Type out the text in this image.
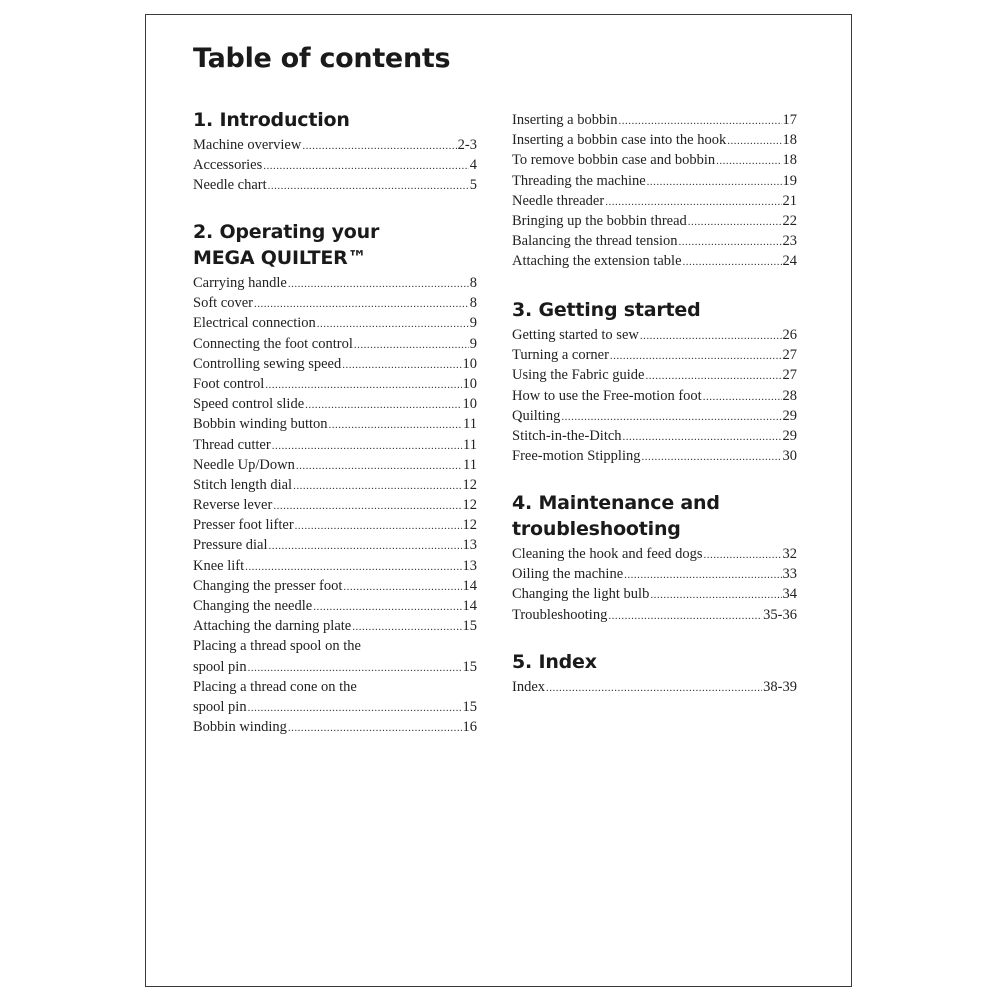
Table of contents
1. Introduction
Machine overview .....	2-3
Accessories .....	4
Needle chart .....	5
2. Operating your
MEGA QUILTER™
Carrying handle .....	8
Soft cover .....	8
Electrical connection .....	9
Connecting the foot control .....	9
Controlling sewing speed .....	10
Foot control .....	10
Speed control slide .....	10
Bobbin winding button .....	11
Thread cutter .....	11
Needle Up/Down .....	11
Stitch length dial .....	12
Reverse lever .....	12
Presser foot lifter .....	12
Pressure dial .....	13
Knee lift .....	13
Changing the presser foot .....	14
Changing the needle .....	14
Attaching the darning plate .....	15
Placing a thread spool on the
spool pin .....	15
Placing a thread cone on the
spool pin .....	15
Bobbin winding .....	16
Inserting a bobbin .....	17
Inserting a bobbin case into the hook .....	18
To remove bobbin case and bobbin .....	18
Threading the machine .....	19
Needle threader .....	21
Bringing up the bobbin thread .....	22
Balancing the thread tension .....	23
Attaching the extension table .....	24
3. Getting started
Getting started to sew .....	26
Turning a corner .....	27
Using the Fabric guide .....	27
How to use the Free-motion foot .....	28
Quilting .....	29
Stitch-in-the-Ditch .....	29
Free-motion Stippling .....	30
4. Maintenance and
troubleshooting
Cleaning the hook and feed dogs .....	32
Oiling the machine .....	33
Changing the light bulb .....	34
Troubleshooting .....	35-36
5. Index
Index .....	38-39
